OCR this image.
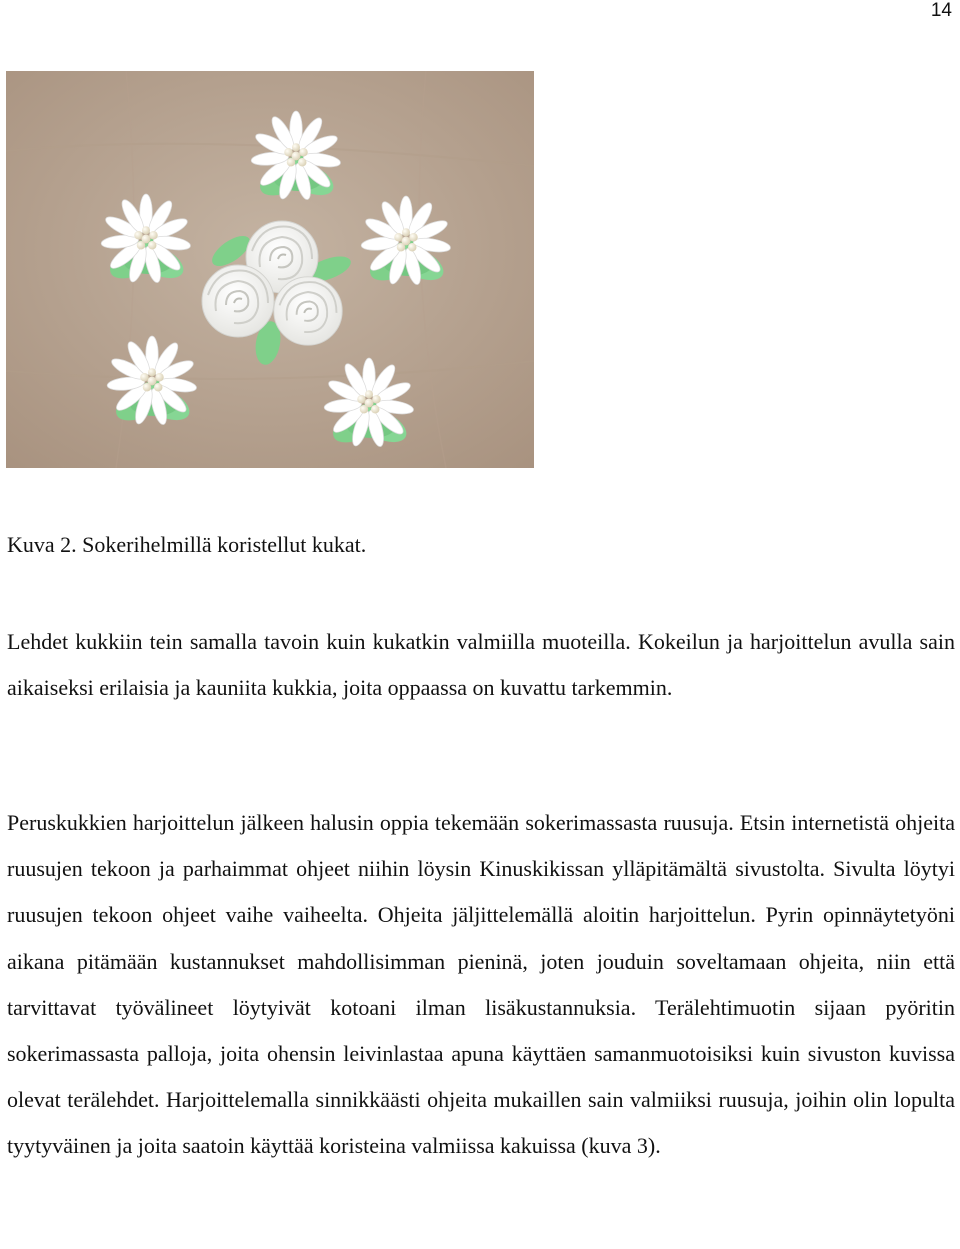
14

Kuva 2. Sokerihelmillä koristellut kukat.

Lehdet kukkiin tein samalla tavoin kuin kukatkin valmiilla muoteilla. Kokeilun ja harjoittelun avulla sain aikaiseksi erilaisia ja kauniita kukkia, joita oppaassa on kuvattu tarkemmin.

Peruskukkien harjoittelun jälkeen halusin oppia tekemään sokerimassasta ruusuja. Etsin internetistä ohjeita ruusujen tekoon ja parhaimmat ohjeet niihin löysin Kinuskikissan ylläpitämältä sivustolta. Sivulta löytyi ruusujen tekoon ohjeet vaihe vaiheelta. Ohjeita jäljittelemällä aloitin harjoittelun. Pyrin opinnäytetyöni aikana pitämään kustannukset mahdollisimman pieninä, joten jouduin soveltamaan ohjeita, niin että tarvittavat työvälineet löytyivät kotoani ilman lisäkustannuksia. Terälehtimuotin sijaan pyöritin sokerimassasta palloja, joita ohensin leivinlastaa apuna käyttäen samanmuotoisiksi kuin sivuston kuvissa olevat terälehdet. Harjoittelemalla sinnikkäästi ohjeita mukaillen sain valmiiksi ruusuja, joihin olin lopulta tyytyväinen ja joita saatoin käyttää koristeina valmiissa kakuissa (kuva 3).
